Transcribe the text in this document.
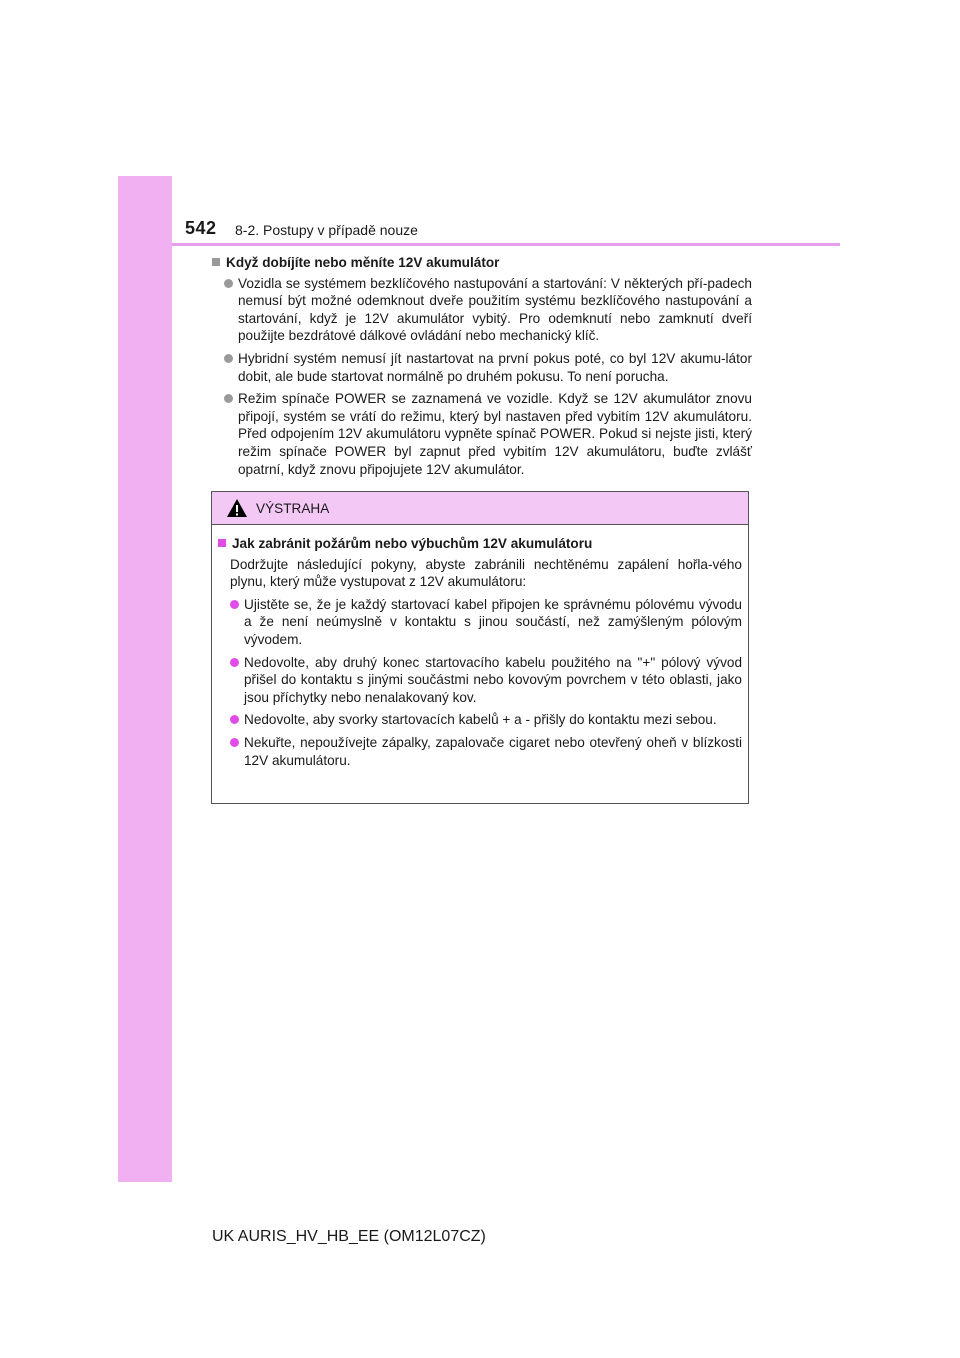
542 8-2. Postupy v případě nouze
Když dobíjíte nebo měníte 12V akumulátor
Vozidla se systémem bezklíčového nastupování a startování: V některých pří-padech nemusí být možné odemknout dveře použitím systému bezklíčového nastupování a startování, když je 12V akumulátor vybitý. Pro odemknutí nebo zamknutí dveří použijte bezdrátové dálkové ovládání nebo mechanický klíč.
Hybridní systém nemusí jít nastartovat na první pokus poté, co byl 12V akumu-látor dobit, ale bude startovat normálně po druhém pokusu. To není porucha.
Režim spínače POWER se zaznamená ve vozidle. Když se 12V akumulátor znovu připojí, systém se vrátí do režimu, který byl nastaven před vybitím 12V akumulátoru. Před odpojením 12V akumulátoru vypněte spínač POWER. Pokud si nejste jisti, který režim spínače POWER byl zapnut před vybitím 12V akumulátoru, buďte zvlášť opatrní, když znovu připojujete 12V akumulátor.
VÝSTRAHA
Jak zabránit požárům nebo výbuchům 12V akumulátoru
Dodržujte následující pokyny, abyste zabránili nechtěnému zapálení hořla-vého plynu, který může vystupovat z 12V akumulátoru:
Ujistěte se, že je každý startovací kabel připojen ke správnému pólovému vývodu a že není neúmyslně v kontaktu s jinou součástí, než zamýšleným pólovým vývodem.
Nedovolte, aby druhý konec startovacího kabelu použitého na "+" pólový vývod přišel do kontaktu s jinými součástmi nebo kovovým povrchem v této oblasti, jako jsou příchytky nebo nenalakovaný kov.
Nedovolte, aby svorky startovacích kabelů + a - přišly do kontaktu mezi sebou.
Nekuřte, nepoužívejte zápalky, zapalovače cigaret nebo otevřený oheň v blízkosti 12V akumulátoru.
UK AURIS_HV_HB_EE (OM12L07CZ)
